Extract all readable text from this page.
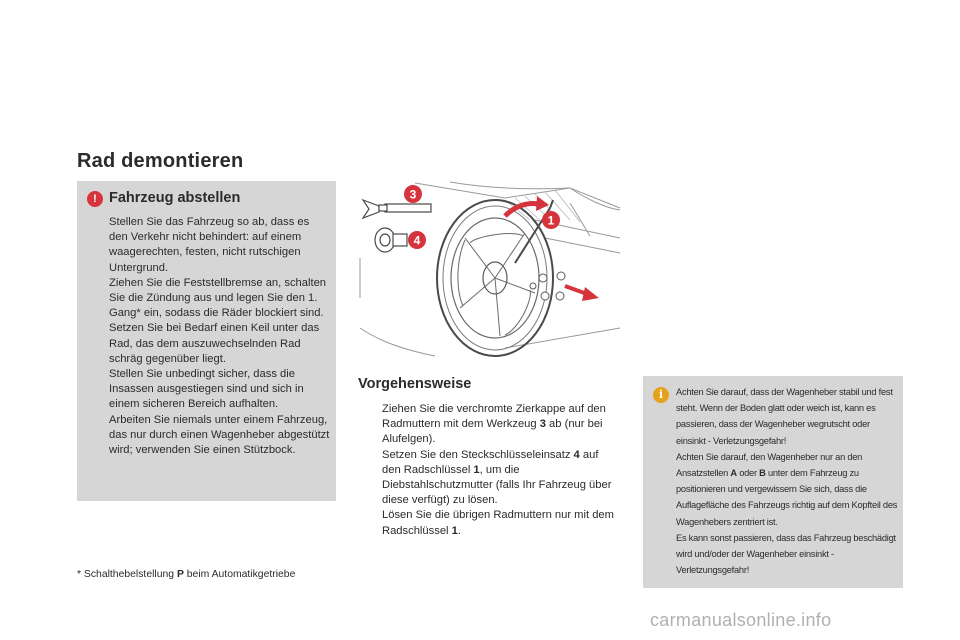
Rad demontieren
! Fahrzeug abstellen

Stellen Sie das Fahrzeug so ab, dass es den Verkehr nicht behindert: auf einem waagerechten, festen, nicht rutschigen Untergrund.

Ziehen Sie die Feststellbremse an, schalten Sie die Zündung aus und legen Sie den 1. Gang* ein, sodass die Räder blockiert sind.

Setzen Sie bei Bedarf einen Keil unter das Rad, das dem auszuwechselnden Rad schräg gegenüber liegt.

Stellen Sie unbedingt sicher, dass die Insassen ausgestiegen sind und sich in einem sicheren Bereich aufhalten.

Arbeiten Sie niemals unter einem Fahrzeug, das nur durch einen Wagenheber abgestützt wird; verwenden Sie einen Stützbock.

* Schalthebelstellung P beim Automatikgetriebe
3
1
4
Vorgehensweise
Ziehen Sie die verchromte Zierkappe auf den Radmuttern mit dem Werkzeug 3 ab (nur bei Alufelgen).
Setzen Sie den Steckschlüsseleinsatz 4 auf den Radschlüssel 1, um die Diebstahlschutzmutter (falls Ihr Fahrzeug über diese verfügt) zu lösen.
Lösen Sie die übrigen Radmuttern nur mit dem Radschlüssel 1.
i	Achten Sie darauf, dass der Wagenheber stabil und fest steht. Wenn der Boden glatt oder weich ist, kann es passieren, dass der Wagenheber wegrutscht oder einsinkt - Verletzungsgefahr!

Achten Sie darauf, den Wagenheber nur an den Ansatzstellen A oder B unter dem Fahrzeug zu positionieren und vergewissern Sie sich, dass die Auflagefläche des Fahrzeugs richtig auf dem Kopfteil des Wagenhebers zentriert ist.

Es kann sonst passieren, dass das Fahrzeug beschädigt wird und/oder der Wagenheber einsinkt - Verletzungsgefahr!

carmanualsonline.info
